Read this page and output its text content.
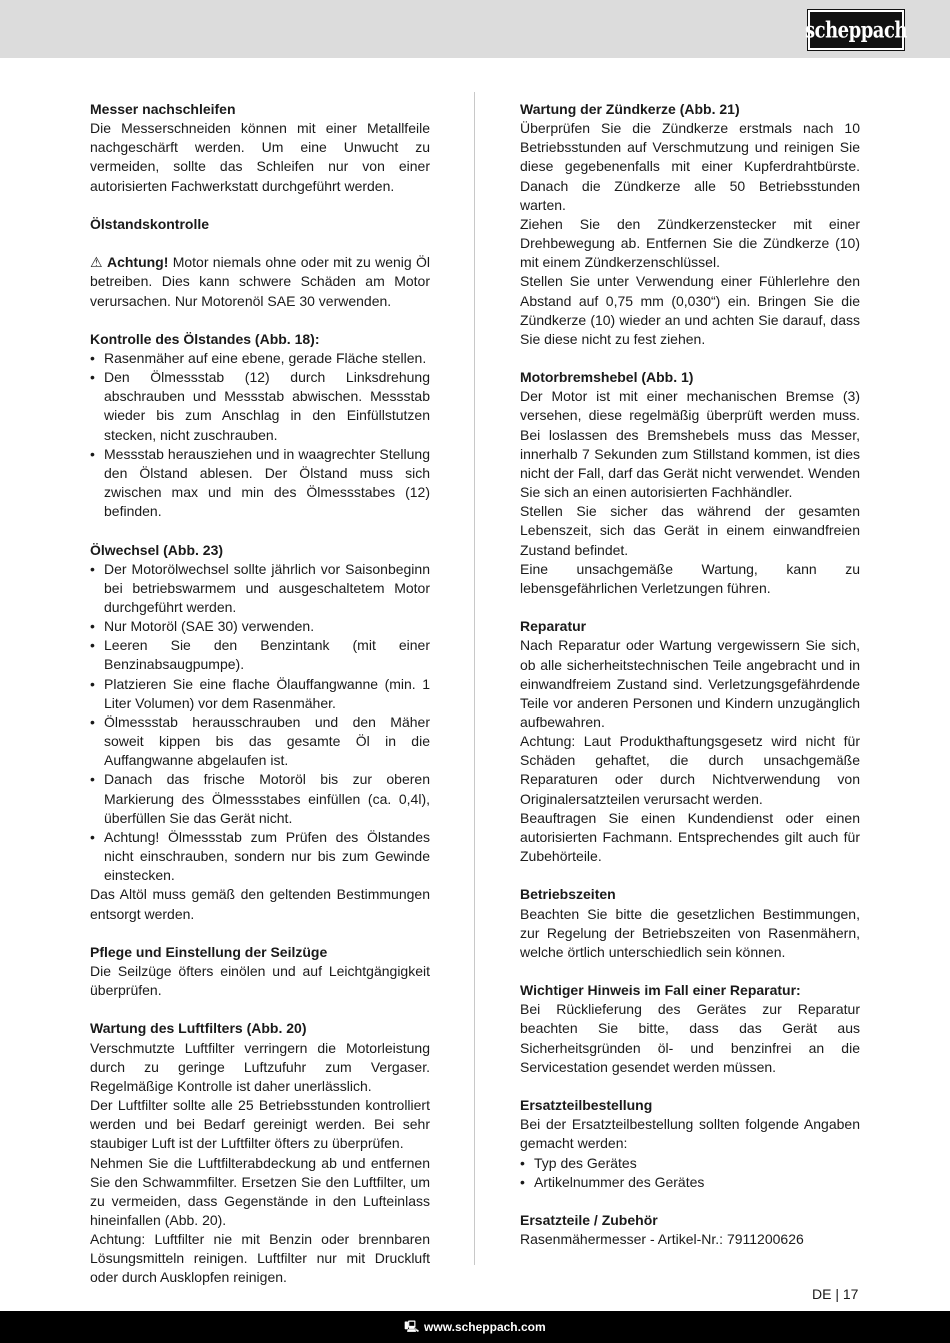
scheppach
Messer nachschleifen

Die Messerschneiden können mit einer Metallfeile nachgeschärft werden. Um eine Unwucht zu vermeiden, sollte das Schleifen nur von einer autorisierten Fachwerkstatt durchgeführt werden.

Ölstandskontrolle

⚠ Achtung! Motor niemals ohne oder mit zu wenig Öl betreiben. Dies kann schwere Schäden am Motor verursachen. Nur Motorenöl SAE 30 verwenden.

Kontrolle des Ölstandes (Abb. 18):
• Rasenmäher auf eine ebene, gerade Fläche stellen.
• Den Ölmessstab (12) durch Linksdrehung abschrauben und Messstab abwischen. Messstab wieder bis zum Anschlag in den Einfüllstutzen stecken, nicht zuschrauben.
• Messstab herausziehen und in waagrechter Stellung den Ölstand ablesen. Der Ölstand muss sich zwischen max und min des Ölmessstabes (12) befinden.
Ölwechsel (Abb. 23)
• Der Motorölwechsel sollte jährlich vor Saisonbeginn bei betriebswarmem und ausgeschaltetem Motor durchgeführt werden.
• Nur Motoröl (SAE 30) verwenden.
• Leeren Sie den Benzintank (mit einer Benzinabsaugpumpe).
• Platzieren Sie eine flache Ölauffangwanne (min. 1 Liter Volumen) vor dem Rasenmäher.
• Ölmessstab herausschrauben und den Mäher soweit kippen bis das gesamte Öl in die Auffangwanne abgelaufen ist.
• Danach das frische Motoröl bis zur oberen Markierung des Ölmessstabes einfüllen (ca. 0,4l), überfüllen Sie das Gerät nicht.
• Achtung! Ölmessstab zum Prüfen des Ölstandes nicht einschrauben, sondern nur bis zum Gewinde einstecken.

Das Altöl muss gemäß den geltenden Bestimmungen entsorgt werden.

Pflege und Einstellung der Seilzüge

Die Seilzüge öfters einölen und auf Leichtgängigkeit überprüfen.

Wartung des Luftfilters (Abb. 20)

Verschmutzte Luftfilter verringern die Motorleistung durch zu geringe Luftzufuhr zum Vergaser. Regelmäßige Kontrolle ist daher unerlässlich.

Der Luftfilter sollte alle 25 Betriebsstunden kontrolliert werden und bei Bedarf gereinigt werden. Bei sehr staubiger Luft ist der Luftfilter öfters zu überprüfen.

Nehmen Sie die Luftfilterabdeckung ab und entfernen Sie den Schwammfilter. Ersetzen Sie den Luftfilter, um zu vermeiden, dass Gegenstände in den Lufteinlass hineinfallen (Abb. 20).

Achtung: Luftfilter nie mit Benzin oder brennbaren Lösungsmitteln reinigen. Luftfilter nur mit Druckluft oder durch Ausklopfen reinigen.

Wartung der Zündkerze (Abb. 21)

Überprüfen Sie die Zündkerze erstmals nach 10 Betriebsstunden auf Verschmutzung und reinigen Sie diese gegebenenfalls mit einer Kupferdrahtbürste. Danach die Zündkerze alle 50 Betriebsstunden warten.

Ziehen Sie den Zündkerzenstecker mit einer Drehbewegung ab. Entfernen Sie die Zündkerze (10) mit einem Zündkerzenschlüssel.

Stellen Sie unter Verwendung einer Fühlerlehre den Abstand auf 0,75 mm (0,030“) ein. Bringen Sie die Zündkerze (10) wieder an und achten Sie darauf, dass Sie diese nicht zu fest ziehen.

Motorbremshebel (Abb. 1)

Der Motor ist mit einer mechanischen Bremse (3) versehen, diese regelmäßig überprüft werden muss. Bei loslassen des Bremshebels muss das Messer, innerhalb 7 Sekunden zum Stillstand kommen, ist dies nicht der Fall, darf das Gerät nicht verwendet. Wenden Sie sich an einen autorisierten Fachhändler.

Stellen Sie sicher das während der gesamten Lebenszeit, sich das Gerät in einem einwandfreien Zustand befindet.

Eine unsachgemäße Wartung, kann zu lebensgefährlichen Verletzungen führen.

Reparatur

Nach Reparatur oder Wartung vergewissern Sie sich, ob alle sicherheitstechnischen Teile angebracht und in einwandfreiem Zustand sind. Verletzungsgefährdende Teile vor anderen Personen und Kindern unzugänglich aufbewahren.

Achtung: Laut Produkthaftungsgesetz wird nicht für Schäden gehaftet, die durch unsachgemäße Reparaturen oder durch Nichtverwendung von Originalersatzteilen verursacht werden.

Beauftragen Sie einen Kundendienst oder einen autorisierten Fachmann. Entsprechendes gilt auch für Zubehörteile.

Betriebszeiten

Beachten Sie bitte die gesetzlichen Bestimmungen, zur Regelung der Betriebszeiten von Rasenmähern, welche örtlich unterschiedlich sein können.

Wichtiger Hinweis im Fall einer Reparatur:

Bei Rücklieferung des Gerätes zur Reparatur beachten Sie bitte, dass das Gerät aus Sicherheitsgründen öl- und benzinfrei an die Servicestation gesendet werden müssen.

Ersatzteilbestellung

Bei der Ersatzteilbestellung sollten folgende Angaben gemacht werden:

• Typ des Gerätes
• Artikelnummer des Gerätes
Ersatzteile / Zubehör

Rasenmähermesser - Artikel-Nr.: 7911200626

DE | 17
🖳 www.scheppach.com
